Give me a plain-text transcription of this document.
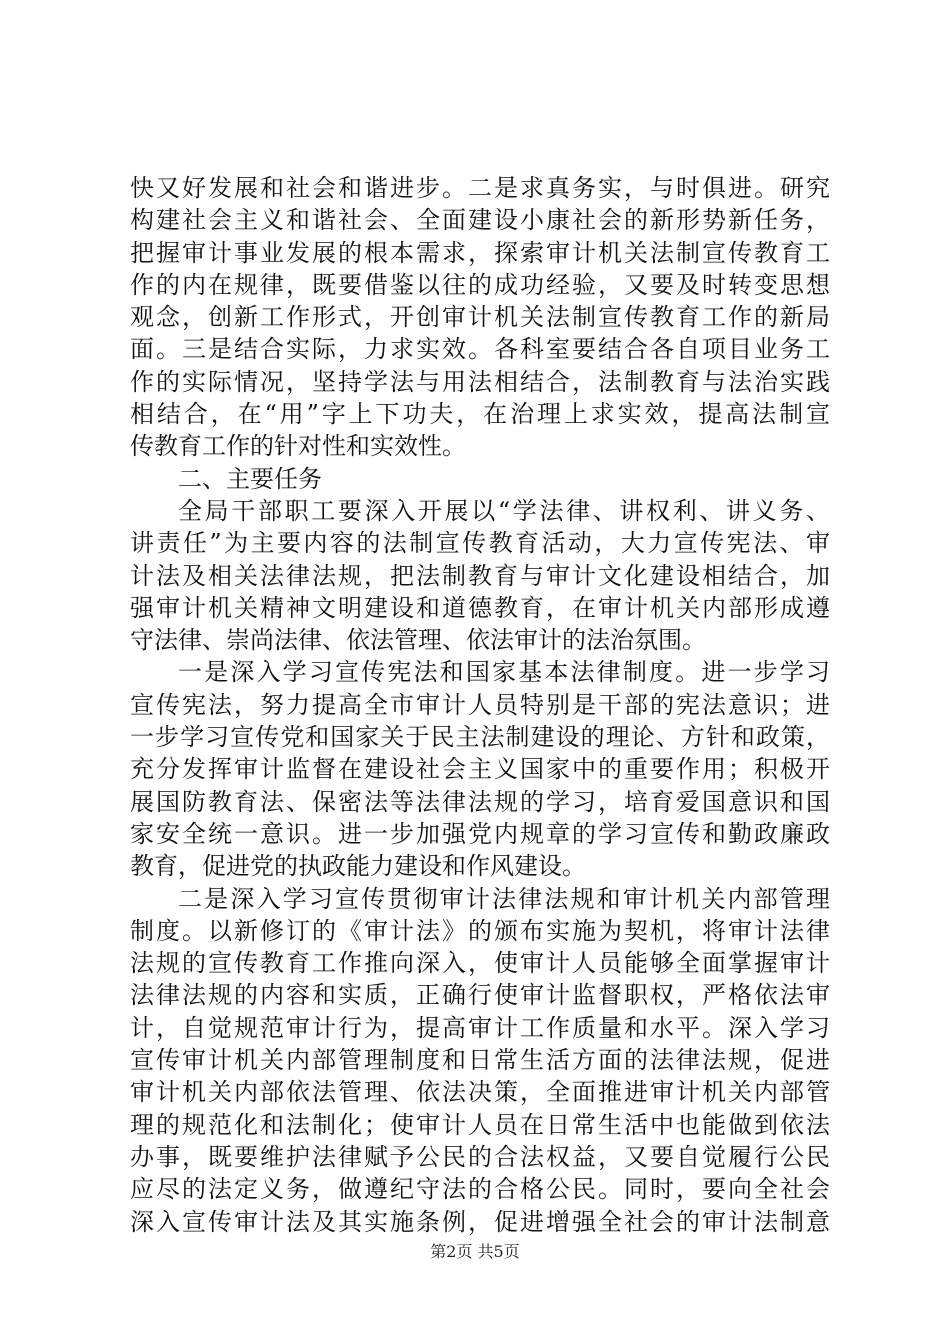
快又好发展和社会和谐进步。二是求真务实，与时俱进。研究
构建社会主义和谐社会、全面建设小康社会的新形势新任务，
把握审计事业发展的根本需求，探索审计机关法制宣传教育工
作的内在规律，既要借鉴以往的成功经验，又要及时转变思想
观念，创新工作形式，开创审计机关法制宣传教育工作的新局
面。三是结合实际，力求实效。各科室要结合各自项目业务工
作的实际情况，坚持学法与用法相结合，法制教育与法治实践
相结合，在“用”字上下功夫，在治理上求实效，提高法制宣
传教育工作的针对性和实效性。
二、主要任务
全局干部职工要深入开展以“学法律、讲权利、讲义务、
讲责任”为主要内容的法制宣传教育活动，大力宣传宪法、审
计法及相关法律法规，把法制教育与审计文化建设相结合，加
强审计机关精神文明建设和道德教育，在审计机关内部形成遵
守法律、崇尚法律、依法管理、依法审计的法治氛围。
一是深入学习宣传宪法和国家基本法律制度。进一步学习
宣传宪法，努力提高全市审计人员特别是干部的宪法意识；进
一步学习宣传党和国家关于民主法制建设的理论、方针和政策，
充分发挥审计监督在建设社会主义国家中的重要作用；积极开
展国防教育法、保密法等法律法规的学习，培育爱国意识和国
家安全统一意识。进一步加强党内规章的学习宣传和勤政廉政
教育，促进党的执政能力建设和作风建设。
二是深入学习宣传贯彻审计法律法规和审计机关内部管理
制度。以新修订的《审计法》的颁布实施为契机，将审计法律
法规的宣传教育工作推向深入，使审计人员能够全面掌握审计
法律法规的内容和实质，正确行使审计监督职权，严格依法审
计，自觉规范审计行为，提高审计工作质量和水平。深入学习
宣传审计机关内部管理制度和日常生活方面的法律法规，促进
审计机关内部依法管理、依法决策，全面推进审计机关内部管
理的规范化和法制化；使审计人员在日常生活中也能做到依法
办事，既要维护法律赋予公民的合法权益，又要自觉履行公民
应尽的法定义务，做遵纪守法的合格公民。同时，要向全社会
深入宣传审计法及其实施条例，促进增强全社会的审计法制意
第2页 共5页
